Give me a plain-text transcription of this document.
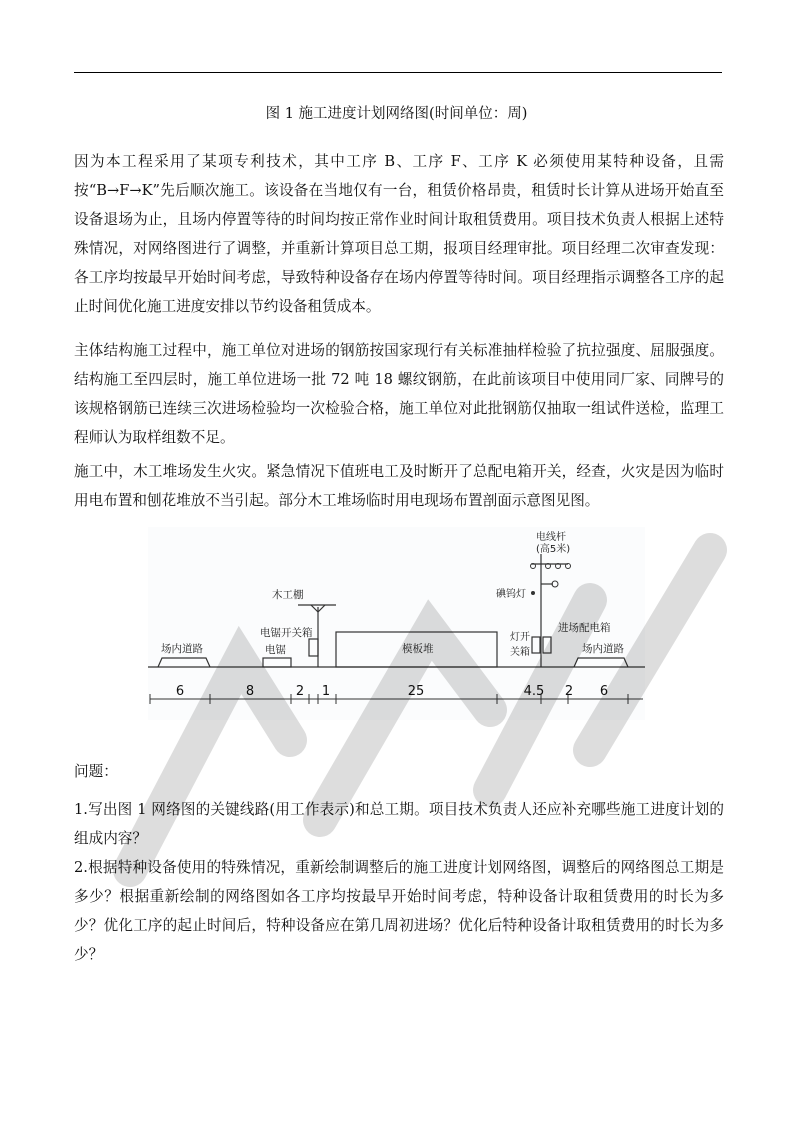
图 1 施工进度计划网络图(时间单位：周)

因为本工程采用了某项专利技术，其中工序 B、工序 F、工序 K 必须使用某特种设备，且需按“B→F→K”先后顺次施工。该设备在当地仅有一台，租赁价格昂贵，租赁时长计算从进场开始直至设备退场为止，且场内停置等待的时间均按正常作业时间计取租赁费用。项目技术负责人根据上述特殊情况，对网络图进行了调整，并重新计算项目总工期，报项目经理审批。项目经理二次审查发现：各工序均按最早开始时间考虑，导致特种设备存在场内停置等待时间。项目经理指示调整各工序的起止时间优化施工进度安排以节约设备租赁成本。

主体结构施工过程中，施工单位对进场的钢筋按国家现行有关标准抽样检验了抗拉强度、屈服强度。结构施工至四层时，施工单位进场一批 72 吨 18 螺纹钢筋，在此前该项目中使用同厂家、同牌号的该规格钢筋已连续三次进场检验均一次检验合格，施工单位对此批钢筋仅抽取一组试件送检，监理工程师认为取样组数不足。

施工中，木工堆场发生火灾。紧急情况下值班电工及时断开了总配电箱开关，经查，火灾是因为临时用电布置和刨花堆放不当引起。部分木工堆场临时用电现场布置剖面示意图见图。

场内道路	电锯
电锯开关箱
木工棚
模板堆
电线杆
(高5米)
碘钨灯
灯开
关箱
进场配电箱
场内道路
6	8	2 1	25	4.5 2 6
问题：

1.写出图 1 网络图的关键线路(用工作表示)和总工期。项目技术负责人还应补充哪些施工进度计划的组成内容？

2.根据特种设备使用的特殊情况，重新绘制调整后的施工进度计划网络图，调整后的网络图总工期是多少？根据重新绘制的网络图如各工序均按最早开始时间考虑，特种设备计取租赁费用的时长为多少？优化工序的起止时间后，特种设备应在第几周初进场？优化后特种设备计取租赁费用的时长为多少？
